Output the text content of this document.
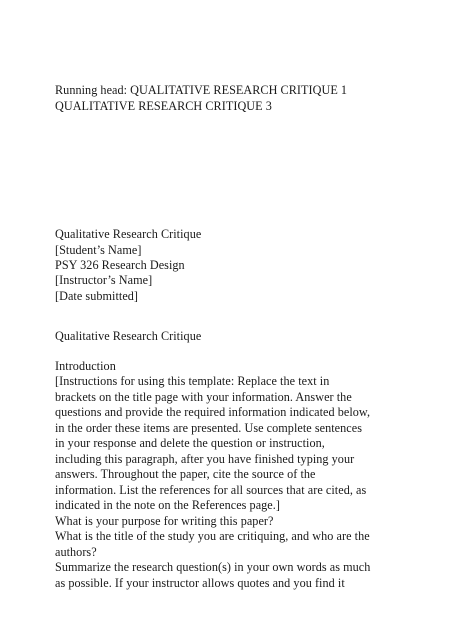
Running head: QUALITATIVE RESEARCH CRITIQUE 1
QUALITATIVE RESEARCH CRITIQUE 3
Qualitative Research Critique
[Student’s Name]
PSY 326 Research Design
[Instructor’s Name]
[Date submitted]
Qualitative Research Critique
Introduction
[Instructions for using this template: Replace the text in
brackets on the title page with your information. Answer the
questions and provide the required information indicated below,
in the order these items are presented. Use complete sentences
in your response and delete the question or instruction,
including this paragraph, after you have finished typing your
answers. Throughout the paper, cite the source of the
information. List the references for all sources that are cited, as
indicated in the note on the References page.]
What is your purpose for writing this paper?
What is the title of the study you are critiquing, and who are the
authors?
Summarize the research question(s) in your own words as much
as possible. If your instructor allows quotes and you find it
